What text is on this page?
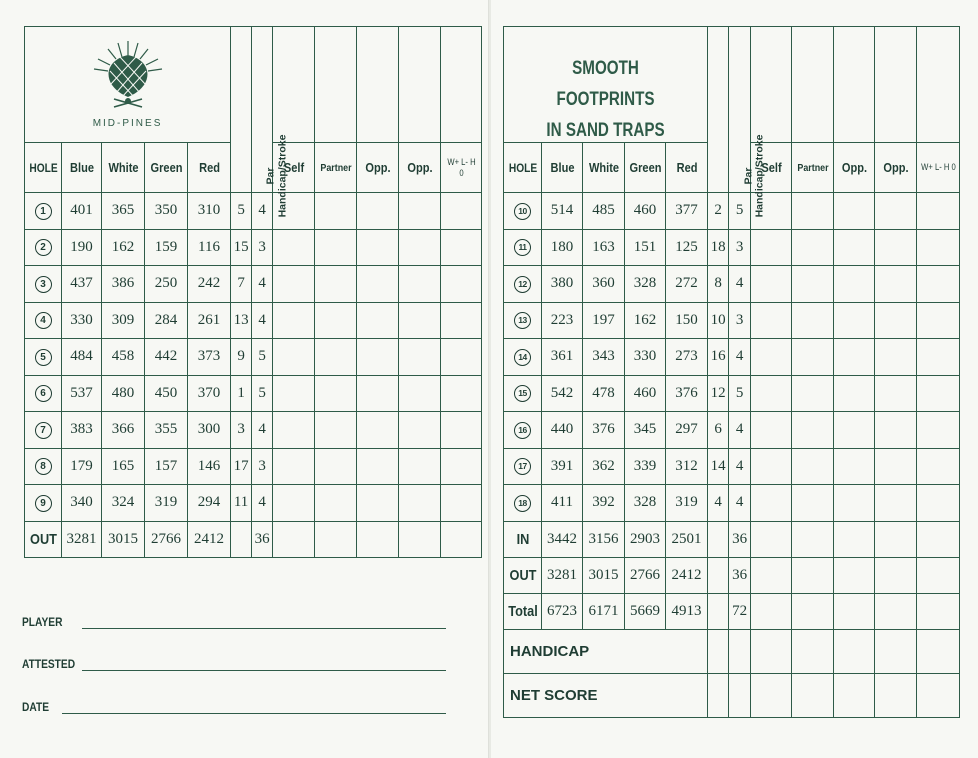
MID-PINES					Handicap/Stroke	Par					

HOLE	Blue	White	Green	Red			Self	Partner	Opp.	Opp.	W+ L- H 0
1	401	365	350	310	5	4					
2	190	162	159	116	15	3					
3	437	386	250	242	7	4					
4	330	309	284	261	13	4					
5	484	458	442	373	9	5					
6	537	480	450	370	1	5					
7	383	366	355	300	3	4					
8	179	165	157	146	17	3					
9	340	324	319	294	11	4					
OUT	3281	3015	2766	2412		36					
PLAYER
ATTESTED
DATE
SMOOTH FOOTPRINTS
IN SAND TRAPS					Handicap/Stroke	Par					

HOLE	Blue	White	Green	Red			Self	Partner	Opp.	Opp.	W+ L- H 0
10	514	485	460	377	2	5					
11	180	163	151	125	18	3					
12	380	360	328	272	8	4					
13	223	197	162	150	10	3					
14	361	343	330	273	16	4					
15	542	478	460	376	12	5					
16	440	376	345	297	6	4					
17	391	362	339	312	14	4					
18	411	392	328	319	4	4					
IN	3442	3156	2903	2501		36					
OUT	3281	3015	2766	2412		36					
Total	6723	6171	5669	4913		72					
HANDICAP											
NET SCORE											
